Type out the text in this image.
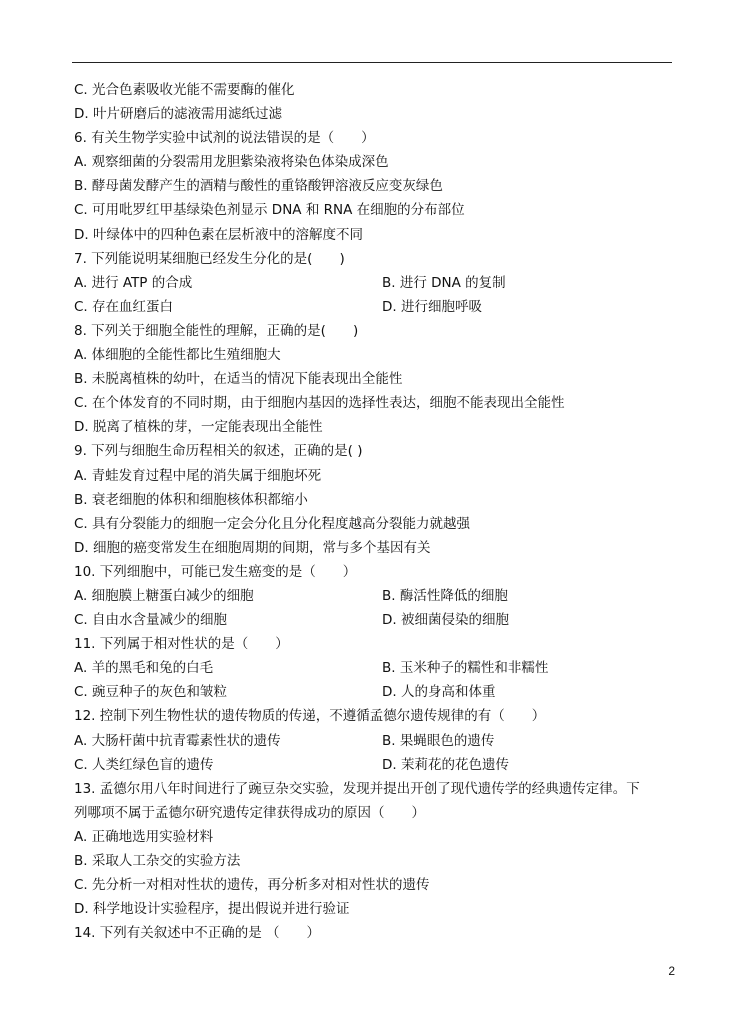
C. 光合色素吸收光能不需要酶的催化
D. 叶片研磨后的滤液需用滤纸过滤
6. 有关生物学实验中试剂的说法错误的是（　　）
A. 观察细菌的分裂需用龙胆紫染液将染色体染成深色
B. 酵母菌发酵产生的酒精与酸性的重铬酸钾溶液反应变灰绿色
C. 可用吡罗红甲基绿染色剂显示 DNA 和 RNA 在细胞的分布部位
D. 叶绿体中的四种色素在层析液中的溶解度不同
7. 下列能说明某细胞已经发生分化的是(　　)
A. 进行 ATP 的合成	B. 进行 DNA 的复制
C. 存在血红蛋白	D. 进行细胞呼吸
8. 下列关于细胞全能性的理解，正确的是(　　)
A. 体细胞的全能性都比生殖细胞大
B. 未脱离植株的幼叶，在适当的情况下能表现出全能性
C. 在个体发育的不同时期，由于细胞内基因的选择性表达，细胞不能表现出全能性
D. 脱离了植株的芽，一定能表现出全能性
9. 下列与细胞生命历程相关的叙述，正确的是( )
A. 青蛙发育过程中尾的消失属于细胞坏死
B. 衰老细胞的体积和细胞核体积都缩小
C. 具有分裂能力的细胞一定会分化且分化程度越高分裂能力就越强
D. 细胞的癌变常发生在细胞周期的间期，常与多个基因有关
10. 下列细胞中，可能已发生癌变的是（　　）
A. 细胞膜上糖蛋白减少的细胞	B. 酶活性降低的细胞
C. 自由水含量减少的细胞	D. 被细菌侵染的细胞
11. 下列属于相对性状的是（　　）
A. 羊的黑毛和兔的白毛	B. 玉米种子的糯性和非糯性
C. 豌豆种子的灰色和皱粒	D. 人的身高和体重
12. 控制下列生物性状的遗传物质的传递，不遵循孟德尔遗传规律的有（　　）
A. 大肠杆菌中抗青霉素性状的遗传	B. 果蝇眼色的遗传
C. 人类红绿色盲的遗传	D. 茉莉花的花色遗传
13. 孟德尔用八年时间进行了豌豆杂交实验，发现并提出开创了现代遗传学的经典遗传定律。下
列哪项不属于孟德尔研究遗传定律获得成功的原因（　　）
A. 正确地选用实验材料
B. 采取人工杂交的实验方法
C. 先分析一对相对性状的遗传，再分析多对相对性状的遗传
D. 科学地设计实验程序，提出假说并进行验证
14. 下列有关叙述中不正确的是 （　　）
2
